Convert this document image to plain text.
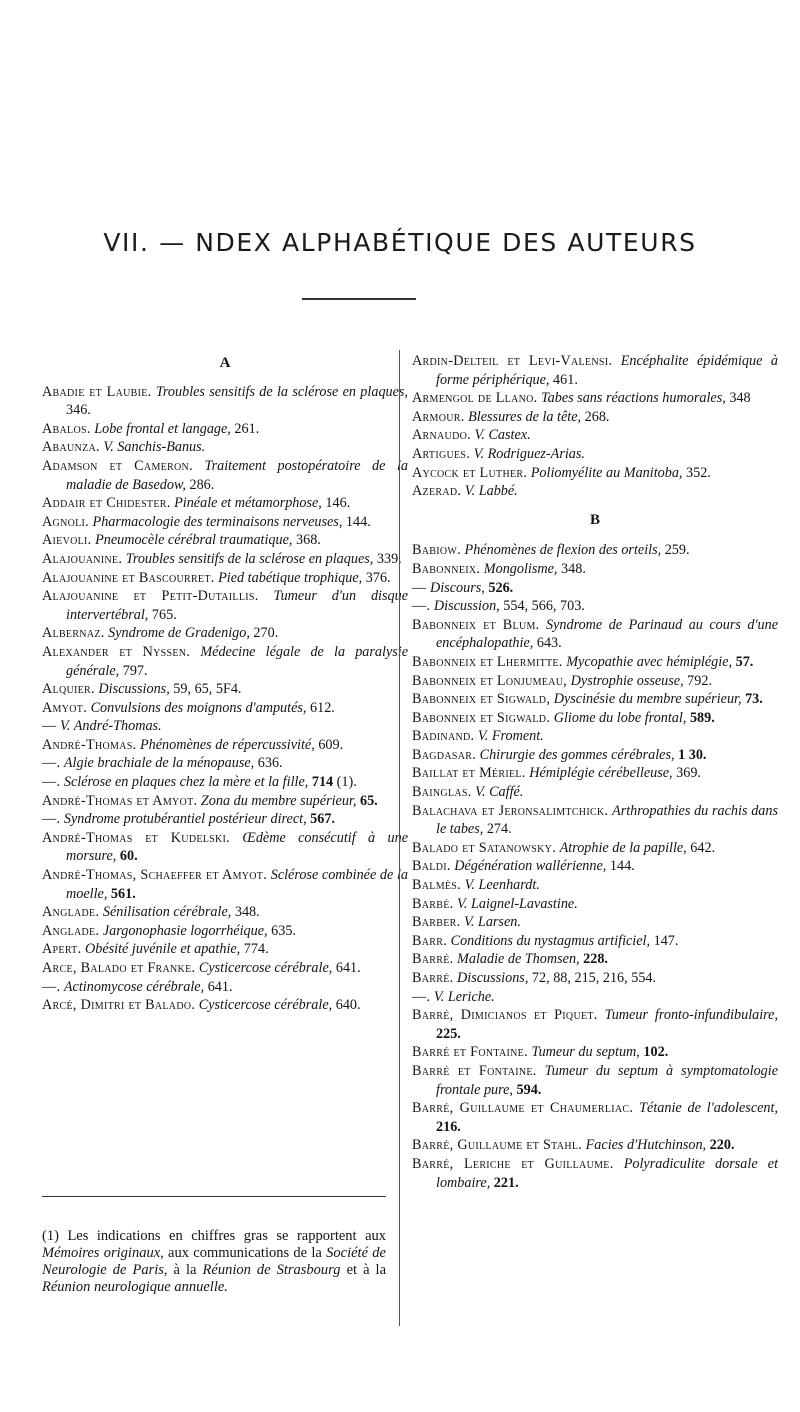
VII. — NDEX ALPHABÉTIQUE DES AUTEURS
A

Abadie et Laubie. Troubles sensitifs de la sclérose en plaques, 346.

Abalos. Lobe frontal et langage, 261.

Abaunza. V. Sanchis-Banus.

Adamson et Cameron. Traitement postopératoire de la maladie de Basedow, 286.

Addair et Chidester. Pinéale et métamorphose, 146.

Agnoli. Pharmacologie des terminaisons nerveuses, 144.

Aievoli. Pneumocèle cérébral traumatique, 368.

Alajouanine. Troubles sensitifs de la sclérose en plaques, 339.

Alajouanine et Bascourret. Pied tabétique trophique, 376.

Alajouanine et Petit-Dutaillis. Tumeur d'un disque intervertébral, 765.

Albernaz. Syndrome de Gradenigo, 270.

Alexander et Nyssen. Médecine légale de la paralysie générale, 797.

Alquier. Discussions, 59, 65, 5F4.

Amyot. Convulsions des moignons d'amputés, 612.

— V. André-Thomas.

André-Thomas. Phénomènes de répercussivité, 609.

—. Algie brachiale de la ménopause, 636.

—. Sclérose en plaques chez la mère et la fille, 714 (1).

André-Thomas et Amyot. Zona du membre supérieur, 65.

—. Syndrome protubérantiel postérieur direct, 567.

André-Thomas et Kudelski. Œdème consécutif à une morsure, 60.

André-Thomas, Schaeffer et Amyot. Sclérose combinée de la moelle, 561.

Anglade. Sénilisation cérébrale, 348.

Anglade. Jargonophasie logorrhéique, 635.

Apert. Obésité juvénile et apathie, 774.

Arce, Balado et Franke. Cysticercose cérébrale, 641.

—. Actinomycose cérébrale, 641.

Arcé, Dimitri et Balado. Cysticercose cérébrale, 640.

Ardin-Delteil et Levi-Valensi. Encéphalite épidémique à forme périphérique, 461.

Armengol de Llano. Tabes sans réactions humorales, 348

Armour. Blessures de la tête, 268.

Arnaudo. V. Castex.

Artigues. V. Rodriguez-Arias.

Aycock et Luther. Poliomyélite au Manitoba, 352.

Azerad. V. Labbé.

B

Babiow. Phénomènes de flexion des orteils, 259.

Babonneix. Mongolisme, 348.

— Discours, 526.

—. Discussion, 554, 566, 703.

Babonneix et Blum. Syndrome de Parinaud au cours d'une encéphalopathie, 643.

Babonneix et Lhermitte. Mycopathie avec hémiplégie, 57.

Babonneix et Lonjumeau, Dystrophie osseuse, 792.

Babonneix et Sigwald, Dyscinésie du membre supérieur, 73.

Babonneix et Sigwald. Gliome du lobe frontal, 589.

Badinand. V. Froment.

Bagdasar. Chirurgie des gommes cérébrales, 1 30.

Baillat et Mériel. Hémiplégie cérébelleuse, 369.

Bainglas. V. Caffé.

Balachava et Jeronsalimtchick. Arthropathies du rachis dans le tabes, 274.

Balado et Satanowsky. Atrophie de la papille, 642.

Baldi. Dégénération wallérienne, 144.

Balmès. V. Leenhardt.

Barbé. V. Laignel-Lavastine.

Barber. V. Larsen.

Barr. Conditions du nystagmus artificiel, 147.

Barré. Maladie de Thomsen, 228.

Barré. Discussions, 72, 88, 215, 216, 554.

—. V. Leriche.

Barré, Dimicianos et Piquet. Tumeur fronto-infundibulaire, 225.

Barré et Fontaine. Tumeur du septum, 102.

Barré et Fontaine. Tumeur du septum à symptomatologie frontale pure, 594.

Barré, Guillaume et Chaumerliac. Tétanie de l'adolescent, 216.

Barré, Guillaume et Stahl. Facies d'Hutchinson, 220.

Barré, Leriche et Guillaume. Polyradiculite dorsale et lombaire, 221.

(1) Les indications en chiffres gras se rapportent aux Mémoires originaux, aux communications de la Société de Neurologie de Paris, à la Réunion de Strasbourg et à la Réunion neurologique annuelle.
